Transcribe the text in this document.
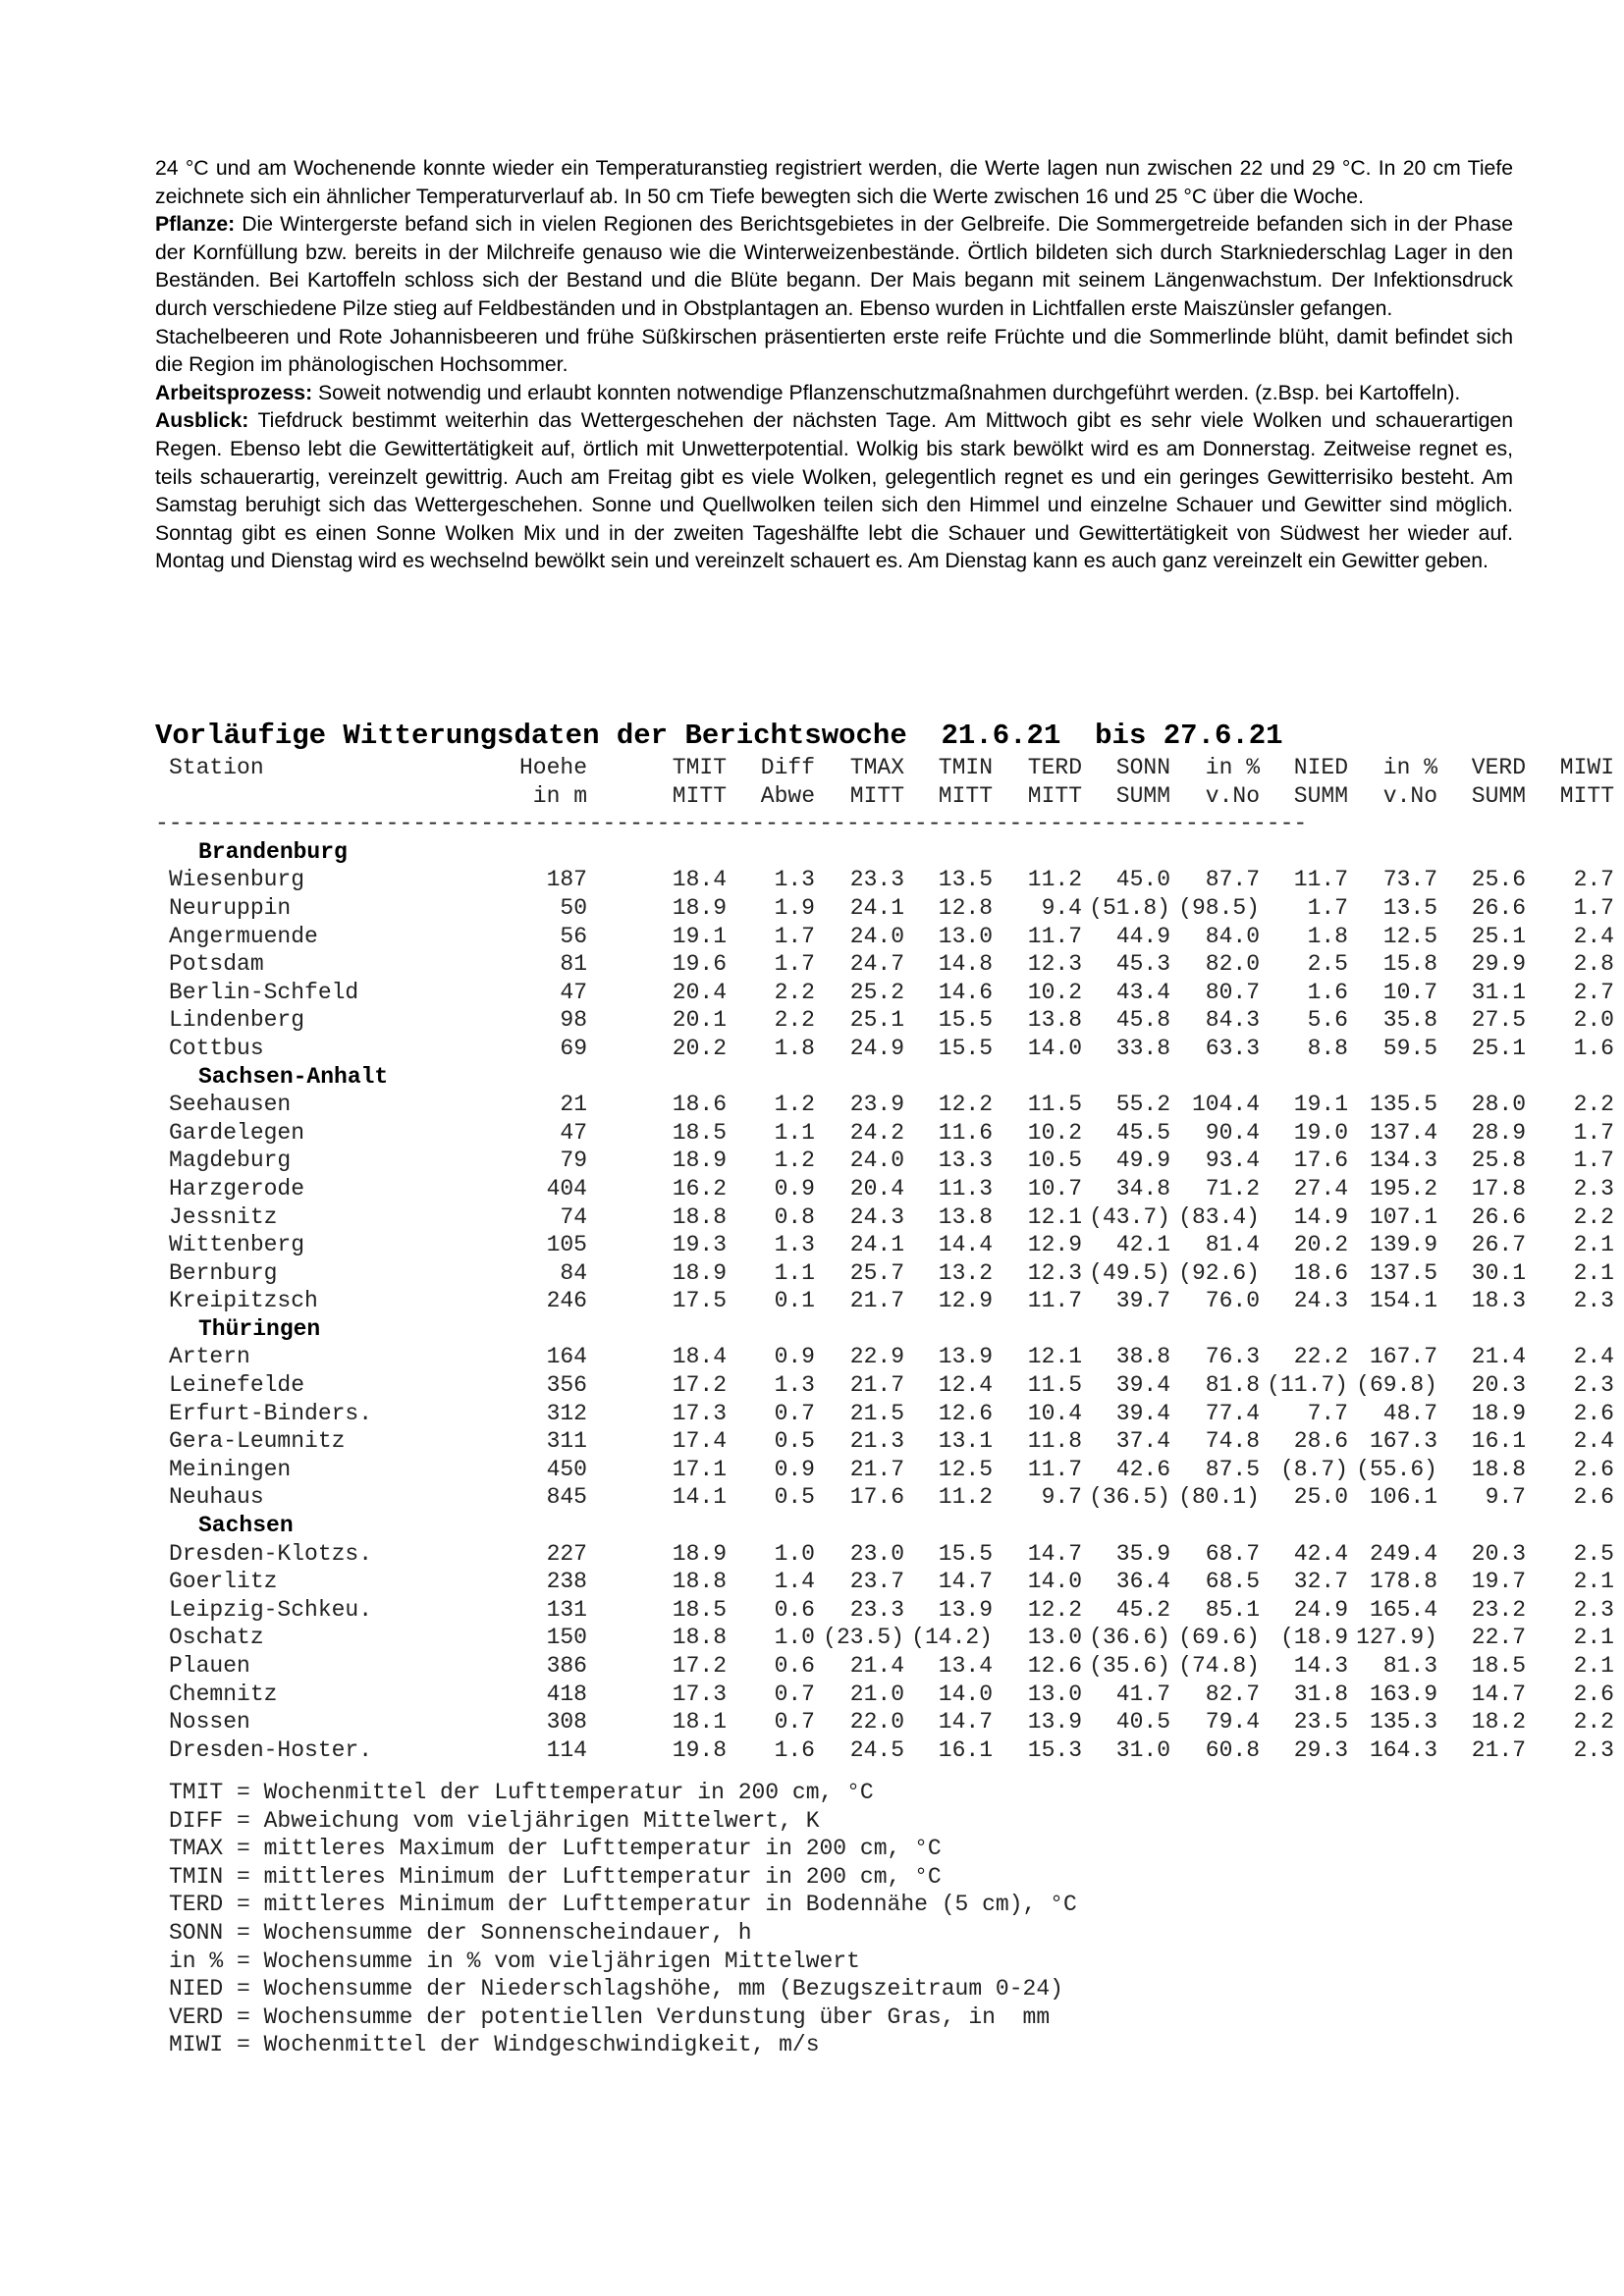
24 °C und am Wochenende konnte wieder ein Temperaturanstieg registriert werden, die Werte lagen nun zwischen 22 und 29 °C. In 20 cm Tiefe zeichnete sich ein ähnlicher Temperaturverlauf ab. In 50 cm Tiefe bewegten sich die Werte zwischen 16 und 25 °C über die Woche.

Pflanze: Die Wintergerste befand sich in vielen Regionen des Berichtsgebietes in der Gelbreife. Die Sommergetreide befanden sich in der Phase der Kornfüllung bzw. bereits in der Milchreife genauso wie die Winterweizenbestände. Örtlich bildeten sich durch Starkniederschlag Lager in den Beständen. Bei Kartoffeln schloss sich der Bestand und die Blüte begann. Der Mais begann mit seinem Längenwachstum. Der Infektionsdruck durch verschiedene Pilze stieg auf Feldbeständen und in Obstplantagen an. Ebenso wurden in Lichtfallen erste Maiszünsler gefangen.

Stachelbeeren und Rote Johannisbeeren und frühe Süßkirschen präsentierten erste reife Früchte und die Sommerlinde blüht, damit befindet sich die Region im phänologischen Hochsommer.

Arbeitsprozess: Soweit notwendig und erlaubt konnten notwendige Pflanzenschutzmaßnahmen durchgeführt werden. (z.Bsp. bei Kartoffeln).

Ausblick: Tiefdruck bestimmt weiterhin das Wettergeschehen der nächsten Tage. Am Mittwoch gibt es sehr viele Wolken und schauerartigen Regen. Ebenso lebt die Gewittertätigkeit auf, örtlich mit Unwetterpotential. Wolkig bis stark bewölkt wird es am Donnerstag. Zeitweise regnet es, teils schauerartig, vereinzelt gewittrig. Auch am Freitag gibt es viele Wolken, gelegentlich regnet es und ein geringes Gewitterrisiko besteht. Am Samstag beruhigt sich das Wettergeschehen. Sonne und Quellwolken teilen sich den Himmel und einzelne Schauer und Gewitter sind möglich. Sonntag gibt es einen Sonne Wolken Mix und in der zweiten Tageshälfte lebt die Schauer und Gewittertätigkeit von Südwest her wieder auf. Montag und Dienstag wird es wechselnd bewölkt sein und vereinzelt schauert es. Am Dienstag kann es auch ganz vereinzelt ein Gewitter geben.

Vorläufige Witterungsdaten der Berichtswoche  21.6.21  bis 27.6.21
Station	Hoehe	TMIT Diff TMAX TMIN TERD SONN in % NIED in % VERD MIWI
in m	MITT Abwe MITT MITT MITT SUMM v.No SUMM v.No SUMM MITT
-------------------------------------------------------------------------------------
Brandenburg
Wiesenburg	187	18.4 1.3 23.3 13.5 11.2 45.0 87.7 11.7 73.7 25.6 2.7
Neuruppin	50	18.9 1.9 24.1 12.8 9.4 (51.8) (98.5) 1.7 13.5 26.6 1.7
Angermuende	56	19.1 1.7 24.0 13.0 11.7 44.9 84.0 1.8 12.5 25.1 2.4
Potsdam	81	19.6 1.7 24.7 14.8 12.3 45.3 82.0 2.5 15.8 29.9 2.8
Berlin-Schfeld	47	20.4 2.2 25.2 14.6 10.2 43.4 80.7 1.6 10.7 31.1 2.7
Lindenberg	98	20.1 2.2 25.1 15.5 13.8 45.8 84.3 5.6 35.8 27.5 2.0
Cottbus	69	20.2 1.8 24.9 15.5 14.0 33.8 63.3 8.8 59.5 25.1 1.6
Sachsen-Anhalt
Seehausen	21	18.6 1.2 23.9 12.2 11.5 55.2 104.4 19.1 135.5 28.0 2.2
Gardelegen	47	18.5 1.1 24.2 11.6 10.2 45.5 90.4 19.0 137.4 28.9 1.7
Magdeburg	79	18.9 1.2 24.0 13.3 10.5 49.9 93.4 17.6 134.3 25.8 1.7
Harzgerode	404	16.2 0.9 20.4 11.3 10.7 34.8 71.2 27.4 195.2 17.8 2.3
Jessnitz	74	18.8 0.8 24.3 13.8 12.1 (43.7) (83.4) 14.9 107.1 26.6 2.2
Wittenberg	105	19.3 1.3 24.1 14.4 12.9 42.1 81.4 20.2 139.9 26.7 2.1
Bernburg	84	18.9 1.1 25.7 13.2 12.3 (49.5) (92.6) 18.6 137.5 30.1 2.1
Kreipitzsch	246	17.5 0.1 21.7 12.9 11.7 39.7 76.0 24.3 154.1 18.3 2.3
Thüringen
Artern	164	18.4 0.9 22.9 13.9 12.1 38.8 76.3 22.2 167.7 21.4 2.4
Leinefelde	356	17.2 1.3 21.7 12.4 11.5 39.4 81.8 (11.7) (69.8) 20.3 2.3
Erfurt-Binders.	312	17.3 0.7 21.5 12.6 10.4 39.4 77.4 7.7 48.7 18.9 2.6
Gera-Leumnitz	311	17.4 0.5 21.3 13.1 11.8 37.4 74.8 28.6 167.3 16.1 2.4
Meiningen	450	17.1 0.9 21.7 12.5 11.7 42.6 87.5 (8.7) (55.6) 18.8 2.6
Neuhaus	845	14.1 0.5 17.6 11.2 9.7 (36.5) (80.1) 25.0 106.1 9.7 2.6
Sachsen
Dresden-Klotzs.	227	18.9 1.0 23.0 15.5 14.7 35.9 68.7 42.4 249.4 20.3 2.5
Goerlitz	238	18.8 1.4 23.7 14.7 14.0 36.4 68.5 32.7 178.8 19.7 2.1
Leipzig-Schkeu.	131	18.5 0.6 23.3 13.9 12.2 45.2 85.1 24.9 165.4 23.2 2.3
Oschatz	150	18.8 1.0 (23.5) (14.2) 13.0 (36.6) (69.6) (18.9 127.9) 22.7 2.1
Plauen	386	17.2 0.6 21.4 13.4 12.6 (35.6) (74.8) 14.3 81.3 18.5 2.1
Chemnitz	418	17.3 0.7 21.0 14.0 13.0 41.7 82.7 31.8 163.9 14.7 2.6
Nossen	308	18.1 0.7 22.0 14.7 13.9 40.5 79.4 23.5 135.3 18.2 2.2
Dresden-Hoster.	114	19.8 1.6 24.5 16.1 15.3 31.0 60.8 29.3 164.3 21.7 2.3
TMIT = Wochenmittel der Lufttemperatur in 200 cm, °C
DIFF = Abweichung vom vieljährigen Mittelwert, K
TMAX = mittleres Maximum der Lufttemperatur in 200 cm, °C
TMIN = mittleres Minimum der Lufttemperatur in 200 cm, °C
TERD = mittleres Minimum der Lufttemperatur in Bodennähe (5 cm), °C
SONN = Wochensumme der Sonnenscheindauer, h
in % = Wochensumme in % vom vieljährigen Mittelwert
NIED = Wochensumme der Niederschlagshöhe, mm (Bezugszeitraum 0-24)
VERD = Wochensumme der potentiellen Verdunstung über Gras, in  mm
MIWI = Wochenmittel der Windgeschwindigkeit, m/s
